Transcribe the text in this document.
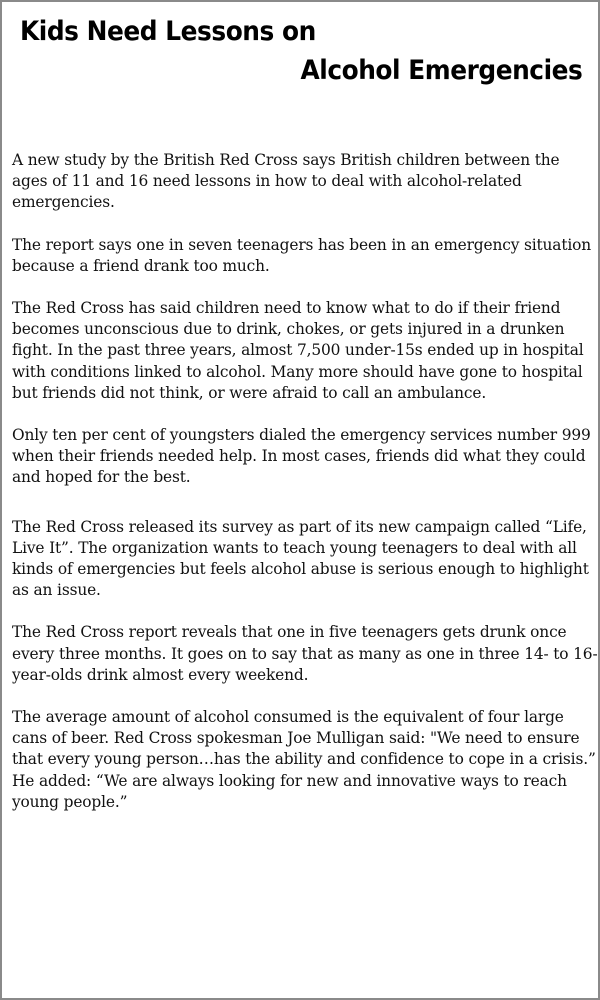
Kids Need Lessons on
Alcohol Emergencies

A new study by the British Red Cross says British children between the ages of 11 and 16 need lessons in how to deal with alcohol-related emergencies.

The report says one in seven teenagers has been in an emergency situation because a friend drank too much.

The Red Cross has said children need to know what to do if their friend becomes unconscious due to drink, chokes, or gets injured in a drunken fight. In the past three years, almost 7,500 under-15s ended up in hospital with conditions linked to alcohol. Many more should have gone to hospital but friends did not think, or were afraid to call an ambulance.

Only ten per cent of youngsters dialed the emergency services number 999 when their friends needed help. In most cases, friends did what they could and hoped for the best.

The Red Cross released its survey as part of its new campaign called “Life, Live It”. The organization wants to teach young teenagers to deal with all kinds of emergencies but feels alcohol abuse is serious enough to highlight as an issue.

The Red Cross report reveals that one in five teenagers gets drunk once every three months. It goes on to say that as many as one in three 14- to 16-year-olds drink almost every weekend.

The average amount of alcohol consumed is the equivalent of four large cans of beer. Red Cross spokesman Joe Mulligan said: "We need to ensure that every young person…has the ability and confidence to cope in a crisis.” He added: “We are always looking for new and innovative ways to reach young people.”
